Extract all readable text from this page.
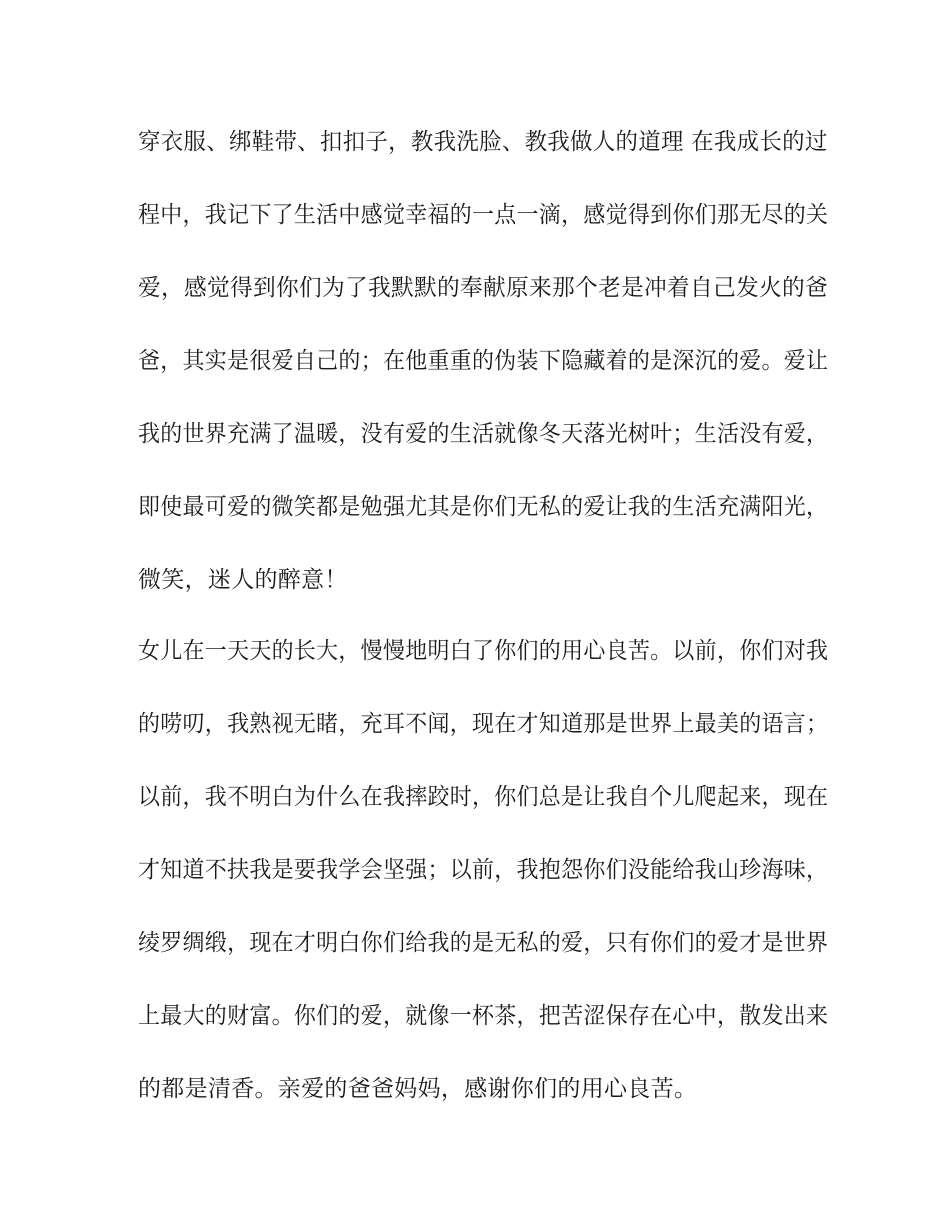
穿衣服、绑鞋带、扣扣子，教我洗脸、教我做人的道理 在我成长的过
程中，我记下了生活中感觉幸福的一点一滴，感觉得到你们那无尽的关
爱，感觉得到你们为了我默默的奉献原来那个老是冲着自己发火的爸
爸，其实是很爱自己的；在他重重的伪装下隐藏着的是深沉的爱。爱让
我的世界充满了温暖，没有爱的生活就像冬天落光树叶；生活没有爱，
即使最可爱的微笑都是勉强尤其是你们无私的爱让我的生活充满阳光，
微笑，迷人的醉意！
女儿在一天天的长大，慢慢地明白了你们的用心良苦。以前，你们对我
的唠叨，我熟视无睹，充耳不闻，现在才知道那是世界上最美的语言；
以前，我不明白为什么在我摔跤时，你们总是让我自个儿爬起来，现在
才知道不扶我是要我学会坚强；以前，我抱怨你们没能给我山珍海味，
绫罗绸缎，现在才明白你们给我的是无私的爱，只有你们的爱才是世界
上最大的财富。你们的爱，就像一杯茶，把苦涩保存在心中，散发出来
的都是清香。亲爱的爸爸妈妈，感谢你们的用心良苦。
